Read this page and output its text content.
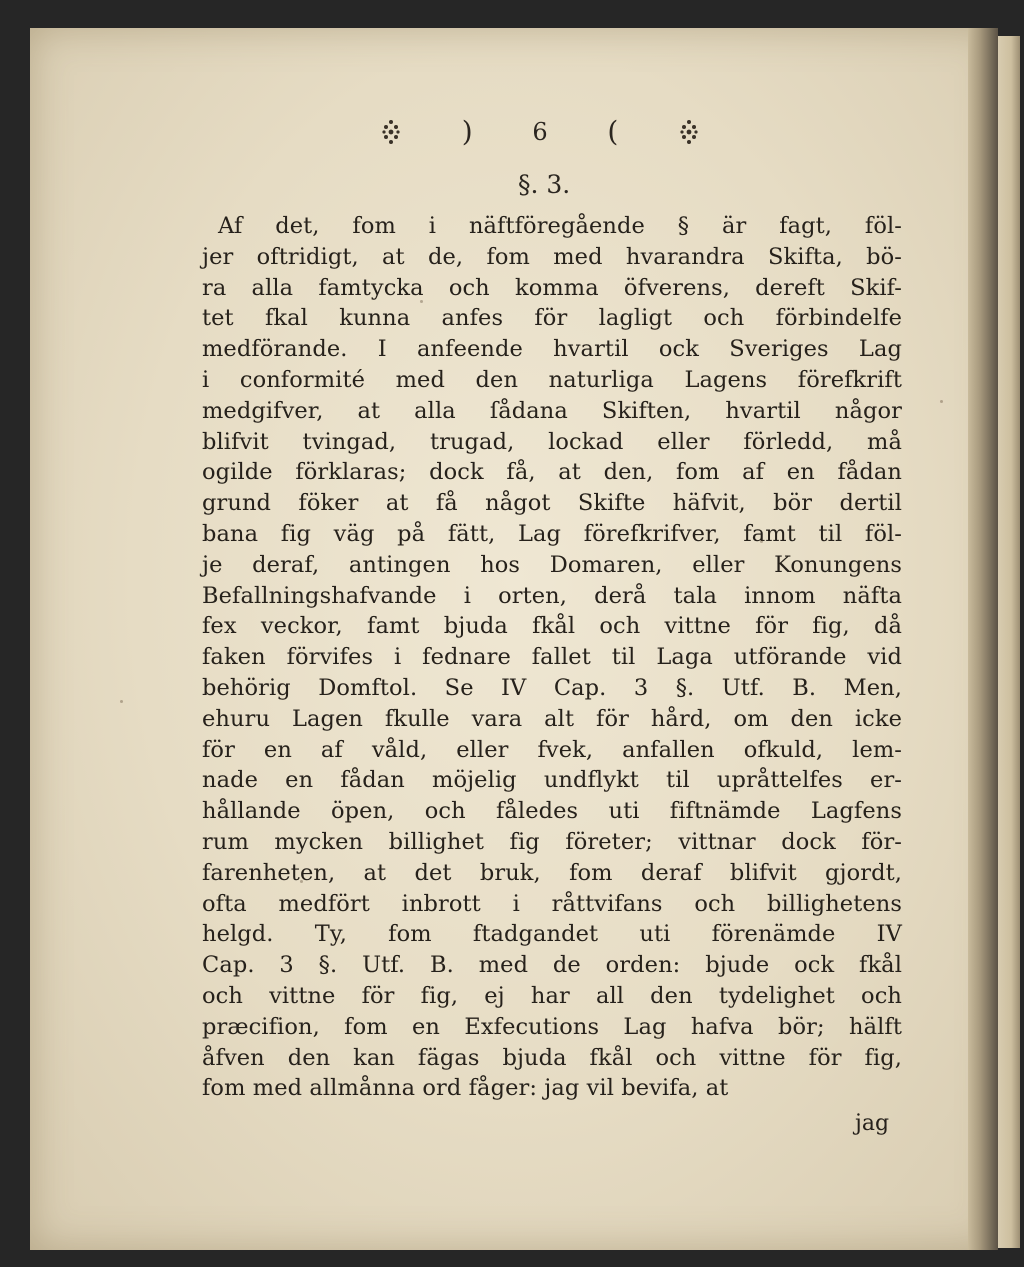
) 6 (
§. 3.
Af det, fom i näftföregående § är fagt, föl-
jer oftridigt, at de, fom med hvarandra Skifta, bö-
ra alla famtycka och komma öfverens, dereft Skif-
tet fkal kunna anfes för lagligt och förbindelfe
medförande. I anfeende hvartil ock Sveriges Lag
i conformité med den naturliga Lagens förefkrift
medgifver, at alla ſådana Skiften, hvartil någor
blifvit tvingad, trugad, lockad eller förledd, må
ogilde förklaras; dock få, at den, fom af en fådan
grund föker at få något Skifte häfvit, bör dertil
bana fig väg på fätt, Lag förefkrifver, famt til föl-
je deraf, antingen hos Domaren, eller Konungens
Befallningshafvande i orten, derå tala innom näfta
fex veckor, famt bjuda fkål och vittne för fig, då
faken förvifes i fednare fallet til Laga utförande vid
behörig Domftol. Se IV Cap. 3 §. Utf. B. Men,
ehuru Lagen fkulle vara alt för hård, om den icke
för en af våld, eller fvek, anfallen ofkuld, lem-
nade en fådan möjelig undflykt til upråttelfes er-
hållande öpen, och fåledes uti fiftnämde Lagfens
rum mycken billighet fig företer; vittnar dock för-
farenheten, at det bruk, fom deraf blifvit gjordt,
ofta medfört inbrott i råttvifans och billighetens
helgd. Ty, fom ftadgandet uti förenämde IV
Cap. 3 §. Utf. B. med de orden: bjude ock fkål
och vittne för fig, ej har all den tydelighet och
præcifion, fom en Exfecutions Lag hafva bör; hälft
åfven den kan fägas bjuda fkål och vittne för fig,
fom med allmånna ord fåger: jag vil bevifa, at
jag
